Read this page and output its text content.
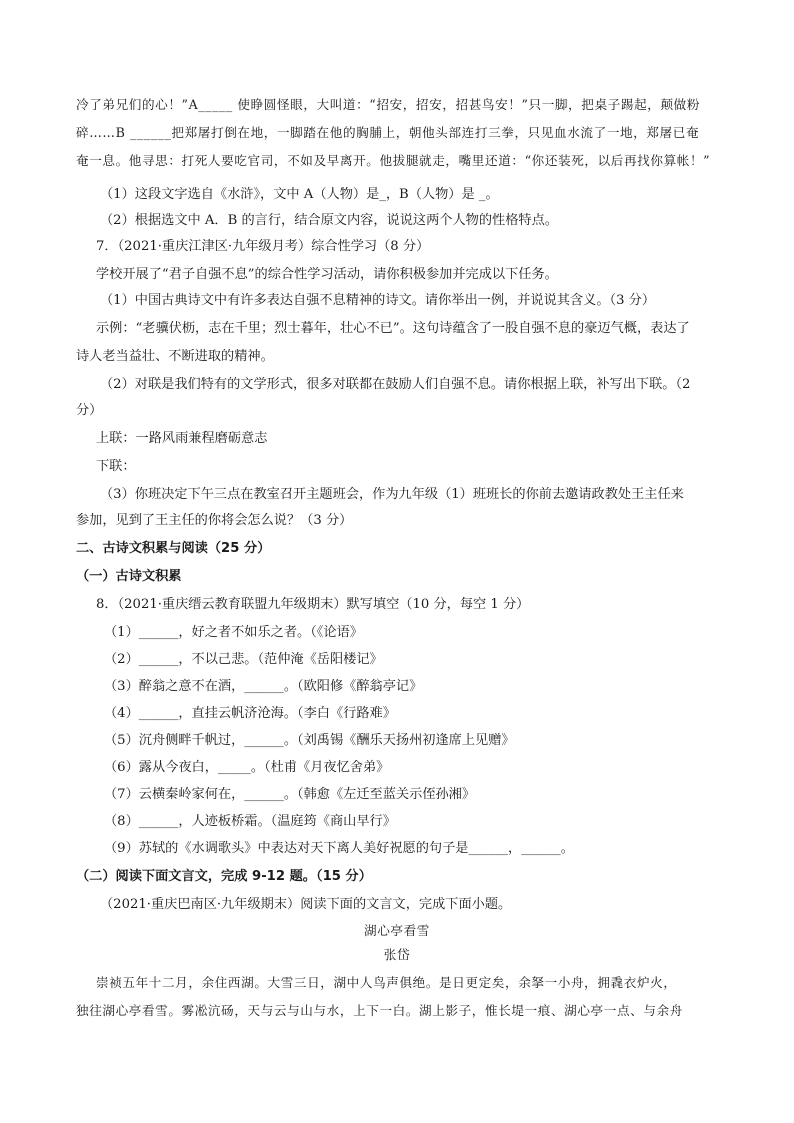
冷了弟兄们的心！”A_____ 使睁圆怪眼，大叫道：“招安，招安，招甚鸟安！”只一脚，把桌子踢起，颠做粉
碎……B ______把郑屠打倒在地，一脚踏在他的胸脯上，朝他头部连打三拳，只见血水流了一地，郑屠已奄
奄一息。他寻思：打死人要吃官司，不如及早离开。他拔腿就走，嘴里还道：“你还装死，以后再找你算帐！”
（1）这段文字选自《水浒》，文中 A（人物）是_，B（人物）是 _。
（2）根据选文中 A．B 的言行，结合原文内容，说说这两个人物的性格特点。
7．（2021·重庆江津区·九年级月考）综合性学习（8 分）
学校开展了“君子自强不息”的综合性学习活动，请你积极参加并完成以下任务。
（1）中国古典诗文中有许多表达自强不息精神的诗文。请你举出一例，并说说其含义。（3 分）
示例：“老骥伏枥，志在千里；烈士暮年，壮心不已”。这句诗蕴含了一股自强不息的豪迈气概，表达了
诗人老当益壮、不断进取的精神。
（2）对联是我们特有的文学形式，很多对联都在鼓励人们自强不息。请你根据上联，补写出下联。（2
分）
上联：一路风雨兼程磨砺意志
下联：
（3）你班决定下午三点在教室召开主题班会，作为九年级（1）班班长的你前去邀请政教处王主任来
参加，见到了王主任的你将会怎么说？（3 分）
二、古诗文积累与阅读（25 分）
（一）古诗文积累
8．（2021·重庆缙云教育联盟九年级期末）默写填空（10 分，每空 1 分）
（1）______，好之者不如乐之者。（《论语》
（2）______，不以己悲。（范仲淹《岳阳楼记》
（3）醉翁之意不在酒，______。（欧阳修《醉翁亭记》
（4）______，直挂云帆济沧海。（李白《行路难》
（5）沉舟侧畔千帆过，______。（刘禹锡《酬乐天扬州初逢席上见赠》
（6）露从今夜白，_____。（杜甫《月夜忆舍弟》
（7）云横秦岭家何在，______。（韩愈《左迁至蓝关示侄孙湘》
（8）______，人迹板桥霜。（温庭筠《商山早行》
（9）苏轼的《水调歌头》中表达对天下离人美好祝愿的句子是______，______。
（二）阅读下面文言文，完成 9-12 题。（15 分）
（2021·重庆巴南区·九年级期末）阅读下面的文言文，完成下面小题。
湖心亭看雪
张岱
崇祯五年十二月，余住西湖。大雪三日，湖中人鸟声俱绝。是日更定矣，余拏一小舟，拥毳衣炉火，
独往湖心亭看雪。雾凇沆砀，天与云与山与水，上下一白。湖上影子，惟长堤一痕、湖心亭一点、与余舟
